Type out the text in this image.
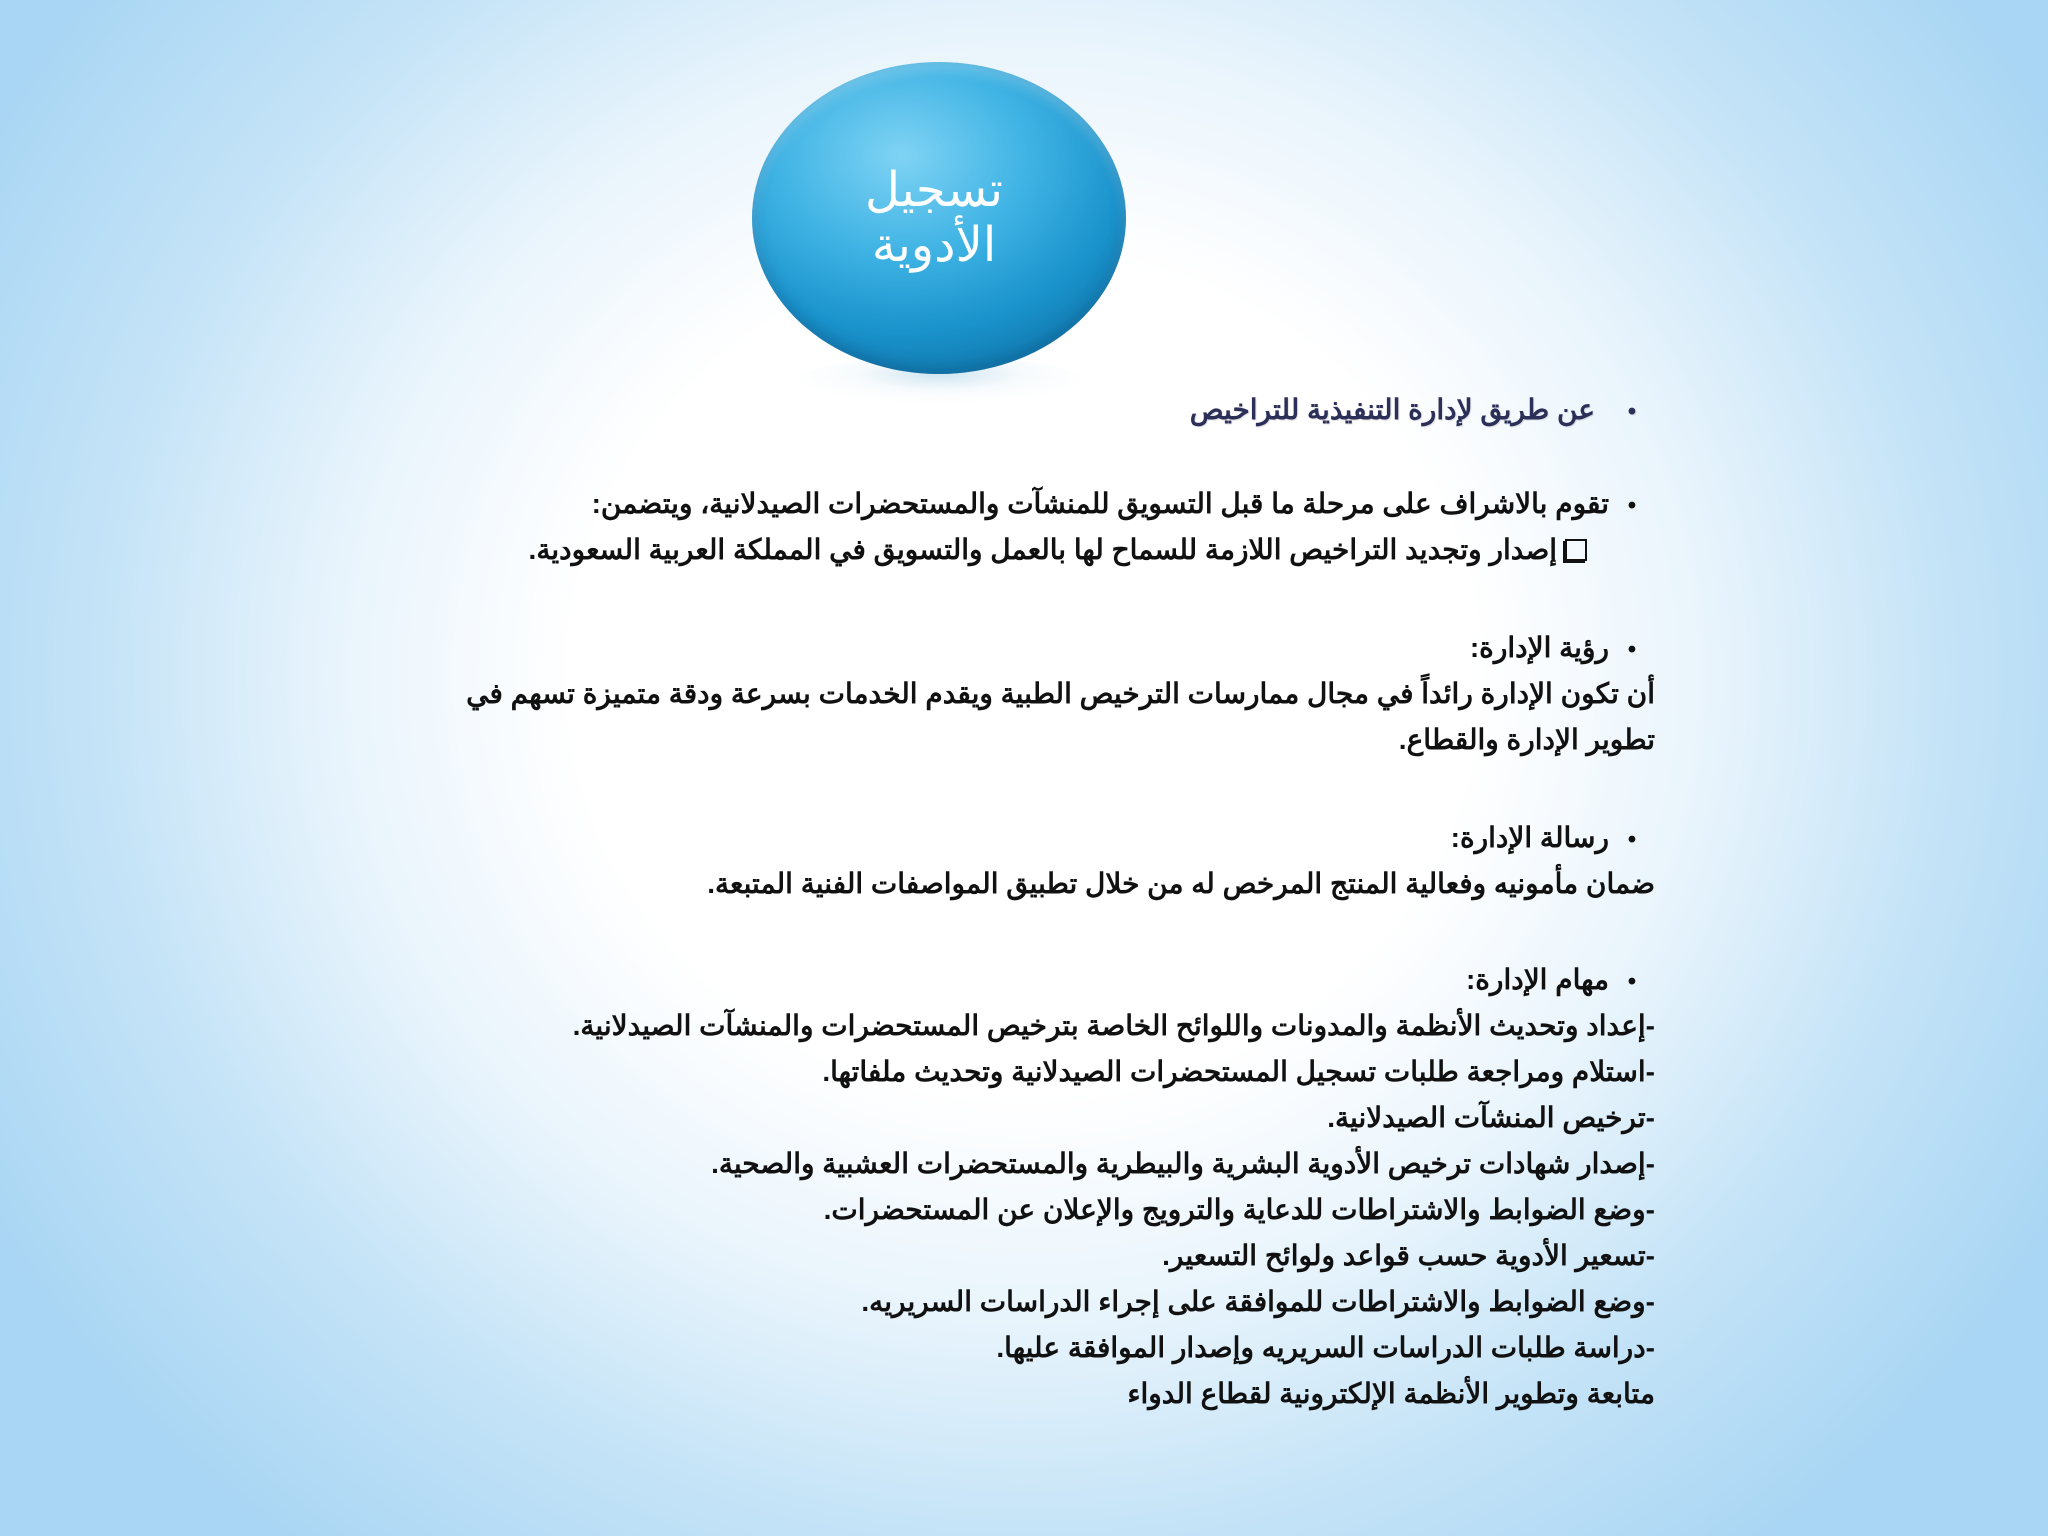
تسجيل
الأدوية
•
عن طريق لإدارة التنفيذية للتراخيص
•
تقوم بالاشراف على مرحلة ما قبل التسويق للمنشآت والمستحضرات الصيدلانية، ويتضمن:
إصدار وتجديد التراخيص اللازمة للسماح لها بالعمل والتسويق في المملكة العربية السعودية.
•
رؤية الإدارة:
أن تكون الإدارة رائداً في مجال ممارسات الترخيص الطبية ويقدم الخدمات بسرعة ودقة متميزة تسهم في
تطوير الإدارة والقطاع.
•
رسالة الإدارة:
ضمان مأمونيه وفعالية المنتج المرخص له من خلال تطبيق المواصفات الفنية المتبعة.
•
مهام الإدارة:
-إعداد وتحديث الأنظمة والمدونات واللوائح الخاصة بترخيص المستحضرات والمنشآت الصيدلانية.
-استلام ومراجعة طلبات تسجيل المستحضرات الصيدلانية وتحديث ملفاتها.
-ترخيص المنشآت الصيدلانية.
-إصدار شهادات ترخيص الأدوية البشرية والبيطرية والمستحضرات العشبية والصحية.
-وضع الضوابط والاشتراطات للدعاية والترويج والإعلان عن المستحضرات.
-تسعير الأدوية حسب قواعد ولوائح التسعير.
-وضع الضوابط والاشتراطات للموافقة على إجراء الدراسات السريريه.
-دراسة طلبات الدراسات السريريه وإصدار الموافقة عليها.
متابعة وتطوير الأنظمة الإلكترونية لقطاع الدواء
